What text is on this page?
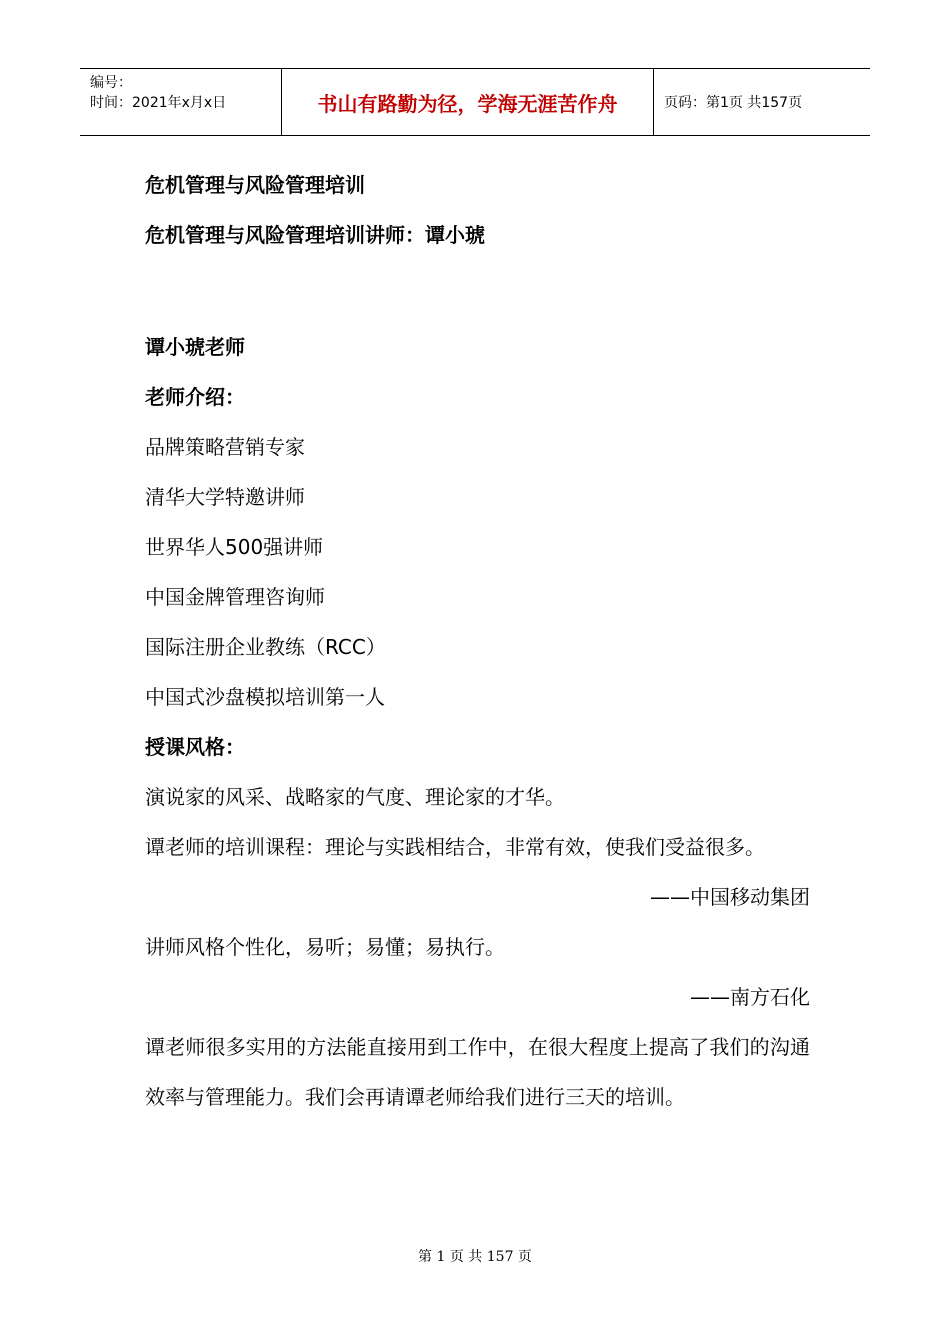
编号：
时间：2021年x月x日	书山有路勤为径，学海无涯苦作舟	页码：第1页 共157页
危机管理与风险管理培训
危机管理与风险管理培训讲师：谭小琥
谭小琥老师
老师介绍：
品牌策略营销专家
清华大学特邀讲师
世界华人500强讲师
中国金牌管理咨询师
国际注册企业教练（RCC）
中国式沙盘模拟培训第一人
授课风格：
演说家的风采、战略家的气度、理论家的才华。
谭老师的培训课程：理论与实践相结合，非常有效，使我们受益很多。
——中国移动集团
讲师风格个性化，易听；易懂；易执行。
——南方石化
谭老师很多实用的方法能直接用到工作中，在很大程度上提高了我们的沟通效率与管理能力。我们会再请谭老师给我们进行三天的培训。
第 1 页 共 157 页
